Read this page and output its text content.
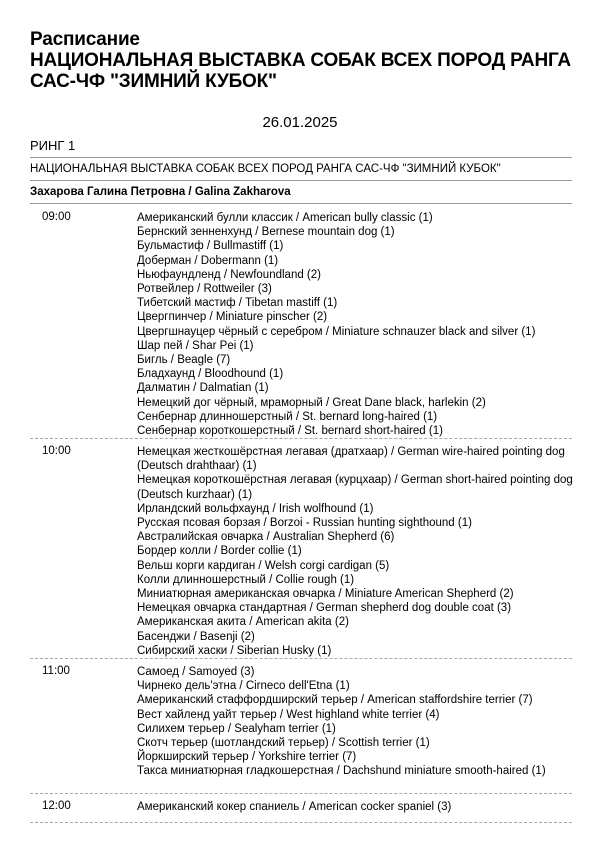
Расписание
НАЦИОНАЛЬНАЯ ВЫСТАВКА СОБАК ВСЕХ ПОРОД РАНГА
САС-ЧФ "ЗИМНИЙ КУБОК"
26.01.2025
РИНГ 1
НАЦИОНАЛЬНАЯ ВЫСТАВКА СОБАК ВСЕХ ПОРОД РАНГА САС-ЧФ "ЗИМНИЙ КУБОК"
Захарова Галина Петровна / Galina Zakharova
09:00	Американский булли классик / American bully classic (1)
Бернский зенненхунд / Bernese mountain dog (1)
Бульмастиф / Bullmastiff (1)
Доберман / Dobermann (1)
Ньюфаундленд / Newfoundland (2)
Ротвейлер / Rottweiler (3)
Тибетский мастиф / Tibetan mastiff (1)
Цвергпинчер / Miniature pinscher (2)
Цвергшнауцер чёрный с серебром / Miniature schnauzer black and silver (1)
Шар пей / Shar Pei (1)
Бигль / Beagle (7)
Бладхаунд / Bloodhound (1)
Далматин / Dalmatian (1)
Немецкий дог чёрный, мраморный / Great Dane black, harlekin (2)
Сенбернар длинношерстный / St. bernard long-haired (1)
Сенбернар короткошерстный / St. bernard short-haired (1)
10:00	Немецкая жесткошёрстная легавая (дратхаар) / German wire-haired pointing dog (Deutsch drahthaar) (1)
Немецкая короткошёрстная легавая (курцхаар) / German short-haired pointing dog (Deutsch kurzhaar) (1)
Ирландский вольфхаунд / Irish wolfhound (1)
Русская псовая борзая / Borzoi - Russian hunting sighthound (1)
Австралийская овчарка / Australian Shepherd (6)
Бордер колли / Border collie (1)
Вельш корги кардиган / Welsh corgi cardigan (5)
Колли длинношерстный / Collie rough (1)
Миниатюрная американская овчарка / Miniature American Shepherd (2)
Немецкая овчарка стандартная / German shepherd dog double coat (3)
Американская акита / American akita (2)
Басенджи / Basenji (2)
Сибирский хаски / Siberian Husky (1)
11:00	Самоед / Samoyed (3)
Чирнеко дель'этна / Cirneco dell'Etna (1)
Американский стаффордширский терьер / American staffordshire terrier (7)
Вест хайленд уайт терьер / West highland white terrier (4)
Силихем терьер / Sealyham terrier (1)
Скотч терьер (шотландский терьер) / Scottish terrier (1)
Йоркширский терьер / Yorkshire terrier (7)
Такса миниатюрная гладкошерстная / Dachshund miniature smooth-haired (1)
12:00	Американский кокер спаниель / American cocker spaniel (3)
